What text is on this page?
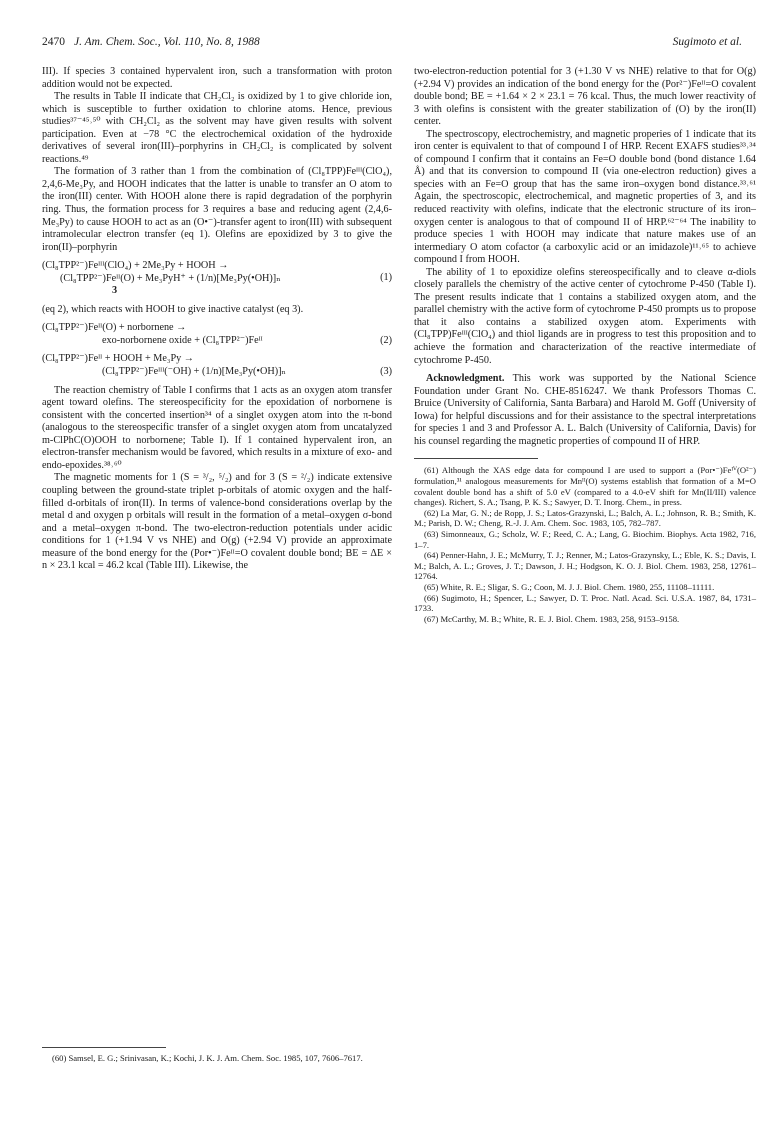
2470 J. Am. Chem. Soc., Vol. 110, No. 8, 1988	Sugimoto et al.

III). If species 3 contained hypervalent iron, such a transformation with proton addition would not be expected.

The results in Table II indicate that CH₂Cl₂ is oxidized by 1 to give chloride ion, which is susceptible to further oxidation to chlorine atoms. Hence, previous studies³⁷⁻⁴⁵˒⁵⁰ with CH₂Cl₂ as the solvent may have given results with solvent participation. Even at −78 °C the electrochemical oxidation of the hydroxide derivatives of several iron(III)–porphyrins in CH₂Cl₂ is complicated by solvent reactions.⁴⁹

The formation of 3 rather than 1 from the combination of (Cl₈TPP)Feᴵᴵᴵ(ClO₄), 2,4,6-Me₃Py, and HOOH indicates that the latter is unable to transfer an O atom to the iron(III) center. With HOOH alone there is rapid degradation of the porphyrin ring. Thus, the formation process for 3 requires a base and reducing agent (2,4,6-Me₃Py) to cause HOOH to act as an (O•⁻)-transfer agent to iron(III) with subsequent intramolecular electron transfer (eq 1). Olefins are epoxidized by 3 to give the iron(II)–porphyrin

(Cl₈TPP²⁻)Feᴵᴵᴵ(ClO₄) + 2Me₃Py + HOOH →
(Cl₈TPP²⁻)Feᴵᴵ(O) + Me₃PyH⁺ + (1/n)[Me₃Py(•OH)]ₙ
3
(1)

(eq 2), which reacts with HOOH to give inactive catalyst (eq 3).

(Cl₈TPP²⁻)Feᴵᴵ(O) + norbornene →
exo-norbornene oxide + (Cl₈TPP²⁻)Feᴵᴵ	(2)
(Cl₈TPP²⁻)Feᴵᴵ + HOOH + Me₃Py →
(Cl₈TPP²⁻)Feᴵᴵᴵ(⁻OH) + (1/n)[Me₃Py(•OH)]ₙ	(3)

The reaction chemistry of Table I confirms that 1 acts as an oxygen atom transfer agent toward olefins. The stereospecificity for the epoxidation of norbornene is consistent with the concerted insertion³⁴ of a singlet oxygen atom into the π-bond (analogous to the stereospecific transfer of a singlet oxygen atom from uncatalyzed m-ClPhC(O)OOH to norbornene; Table I). If 1 contained hypervalent iron, an electron-transfer mechanism would be favored, which results in a mixture of exo- and endo-epoxides.³⁸˒⁶⁰

The magnetic moments for 1 (S = ³/₂, ⁵/₂) and for 3 (S = ²/₂) indicate extensive coupling between the ground-state triplet p-orbitals of atomic oxygen and the half-filled d-orbitals of iron(II). In terms of valence-bond considerations overlap by the metal d and oxygen p orbitals will result in the formation of a metal–oxygen σ-bond and a metal–oxygen π-bond. The two-electron-reduction potentials under acidic conditions for 1 (+1.94 V vs NHE) and O(g) (+2.94 V) provide an approximate measure of the bond energy for the (Por•⁻)Feᴵᴵ=O covalent double bond; BE = ΔE × n × 23.1 kcal = 46.2 kcal (Table III). Likewise, the

(60) Samsel, E. G.; Srinivasan, K.; Kochi, J. K. J. Am. Chem. Soc. 1985, 107, 7606–7617.

two-electron-reduction potential for 3 (+1.30 V vs NHE) relative to that for O(g) (+2.94 V) provides an indication of the bond energy for the (Por²⁻)Feᴵᴵ=O covalent double bond; BE = +1.64 × 2 × 23.1 = 76 kcal. Thus, the much lower reactivity of 3 with olefins is consistent with the greater stabilization of (O) by the iron(II) center.

The spectroscopy, electrochemistry, and magnetic properies of 1 indicate that its iron center is equivalent to that of compound I of HRP. Recent EXAFS studies³³˒³⁴ of compound I confirm that it contains an Fe=O double bond (bond distance 1.64 Å) and that its conversion to compound II (via one-electron reduction) gives a species with an Fe=O group that has the same iron–oxygen bond distance.³³˒⁶¹ Again, the spectroscopic, electrochemical, and magnetic properties of 3, and its reduced reactivity with olefins, indicate that the electronic structure of its iron–oxygen center is analogous to that of compound II of HRP.⁶²⁻⁶⁴ The inability to produce species 1 with HOOH may indicate that nature makes use of an intermediary O atom cofactor (a carboxylic acid or an imidazole)¹¹˒⁶⁵ to achieve compound I from HOOH.

The ability of 1 to epoxidize olefins stereospecifically and to cleave α-diols closely parallels the chemistry of the active center of cytochrome P-450 (Table I). The present results indicate that 1 contains a stabilized oxygen atom, and the parallel chemistry with the active form of cytochrome P-450 prompts us to propose that it also contains a stabilized oxygen atom. Experiments with (Cl₈TPP)Feᴵᴵᴵ(ClO₄) and thiol ligands are in progress to test this proposition and to achieve the formation and characterization of the reactive intermediate of cytochrome P-450.

Acknowledgment. This work was supported by the National Science Foundation under Grant No. CHE-8516247. We thank Professors Thomas C. Bruice (University of California, Santa Barbara) and Harold M. Goff (University of Iowa) for helpful discussions and for their assistance to the spectral interpretations for species 1 and 3 and Professor A. L. Balch (University of California, Davis) for his counsel regarding the magnetic properties of compound II of HRP.

(61) Although the XAS edge data for compound I are used to support a (Por•⁻)Feᴵⱽ(O²⁻) formulation,³¹ analogous measurements for Mnᴵᴵ(O) systems establish that formation of a M=O covalent double bond has a shift of 5.0 eV (compared to a 4.0-eV shift for Mn(II/III) valence changes). Richert, S. A.; Tsang, P. K. S.; Sawyer, D. T. Inorg. Chem., in press.

(62) La Mar, G. N.; de Ropp, J. S.; Latos-Grazynski, L.; Balch, A. L.; Johnson, R. B.; Smith, K. M.; Parish, D. W.; Cheng, R.-J. J. Am. Chem. Soc. 1983, 105, 782–787.

(63) Simonneaux, G.; Scholz, W. F.; Reed, C. A.; Lang, G. Biochim. Biophys. Acta 1982, 716, 1–7.

(64) Penner-Hahn, J. E.; McMurry, T. J.; Renner, M.; Latos-Grazynsky, L.; Eble, K. S.; Davis, I. M.; Balch, A. L.; Groves, J. T.; Dawson, J. H.; Hodgson, K. O. J. Biol. Chem. 1983, 258, 12761–12764.

(65) White, R. E.; Sligar, S. G.; Coon, M. J. J. Biol. Chem. 1980, 255, 11108–11111.

(66) Sugimoto, H.; Spencer, L.; Sawyer, D. T. Proc. Natl. Acad. Sci. U.S.A. 1987, 84, 1731–1733.

(67) McCarthy, M. B.; White, R. E. J. Biol. Chem. 1983, 258, 9153–9158.
